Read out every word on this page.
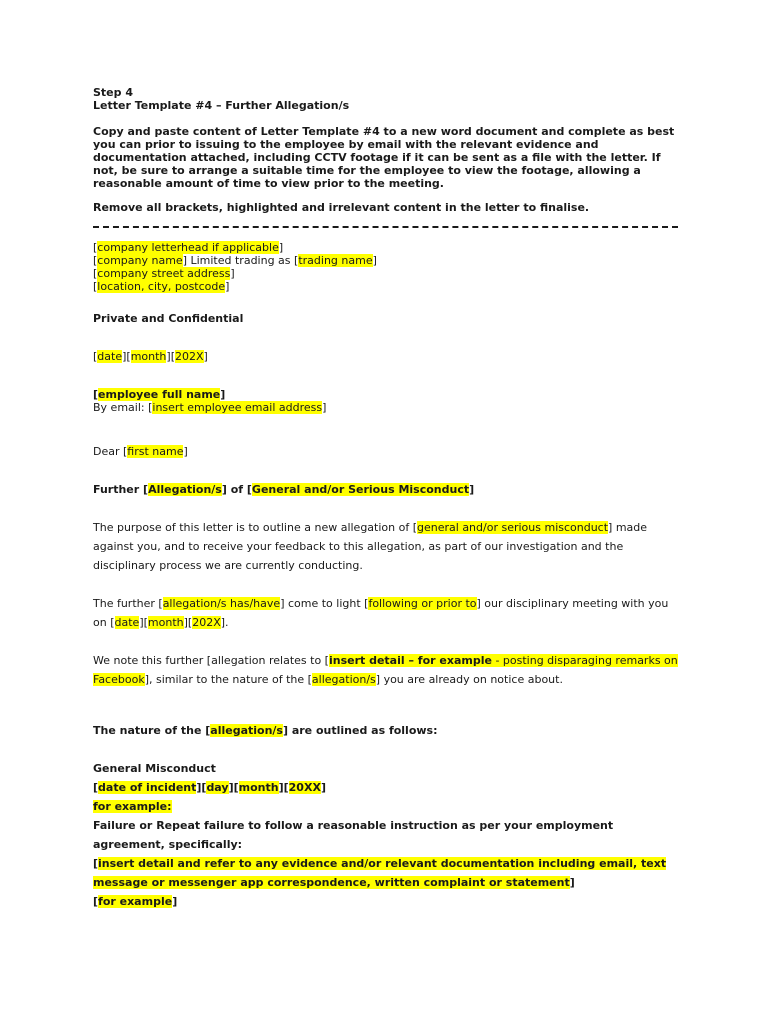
Step 4

Letter Template #4 – Further Allegation/s

Copy and paste content of Letter Template #4 to a new word document and complete as best you can prior to issuing to the employee by email with the relevant evidence and documentation attached, including CCTV footage if it can be sent as a file with the letter. If not, be sure to arrange a suitable time for the employee to view the footage, allowing a reasonable amount of time to view prior to the meeting.

Remove all brackets, highlighted and irrelevant content in the letter to finalise.

[company letterhead if applicable]

[company name] Limited trading as [trading name]

[company street address]

[location, city, postcode]

Private and Confidential

[date][month][202X]

[employee full name]

By email: [insert employee email address]

Dear [first name]

Further [Allegation/s] of [General and/or Serious Misconduct]

The purpose of this letter is to outline a new allegation of [general and/or serious misconduct] made against you, and to receive your feedback to this allegation, as part of our investigation and the disciplinary process we are currently conducting.

The further [allegation/s has/have] come to light [following or prior to] our disciplinary meeting with you on [date][month][202X].

We note this further [allegation relates to [insert detail – for example - posting disparaging remarks on Facebook], similar to the nature of the [allegation/s] you are already on notice about.

The nature of the [allegation/s] are outlined as follows:

General Misconduct

[date of incident][day][month][20XX]

for example:

Failure or Repeat failure to follow a reasonable instruction as per your employment agreement, specifically:

[insert detail and refer to any evidence and/or relevant documentation including email, text message or messenger app correspondence, written complaint or statement]

[for example]
